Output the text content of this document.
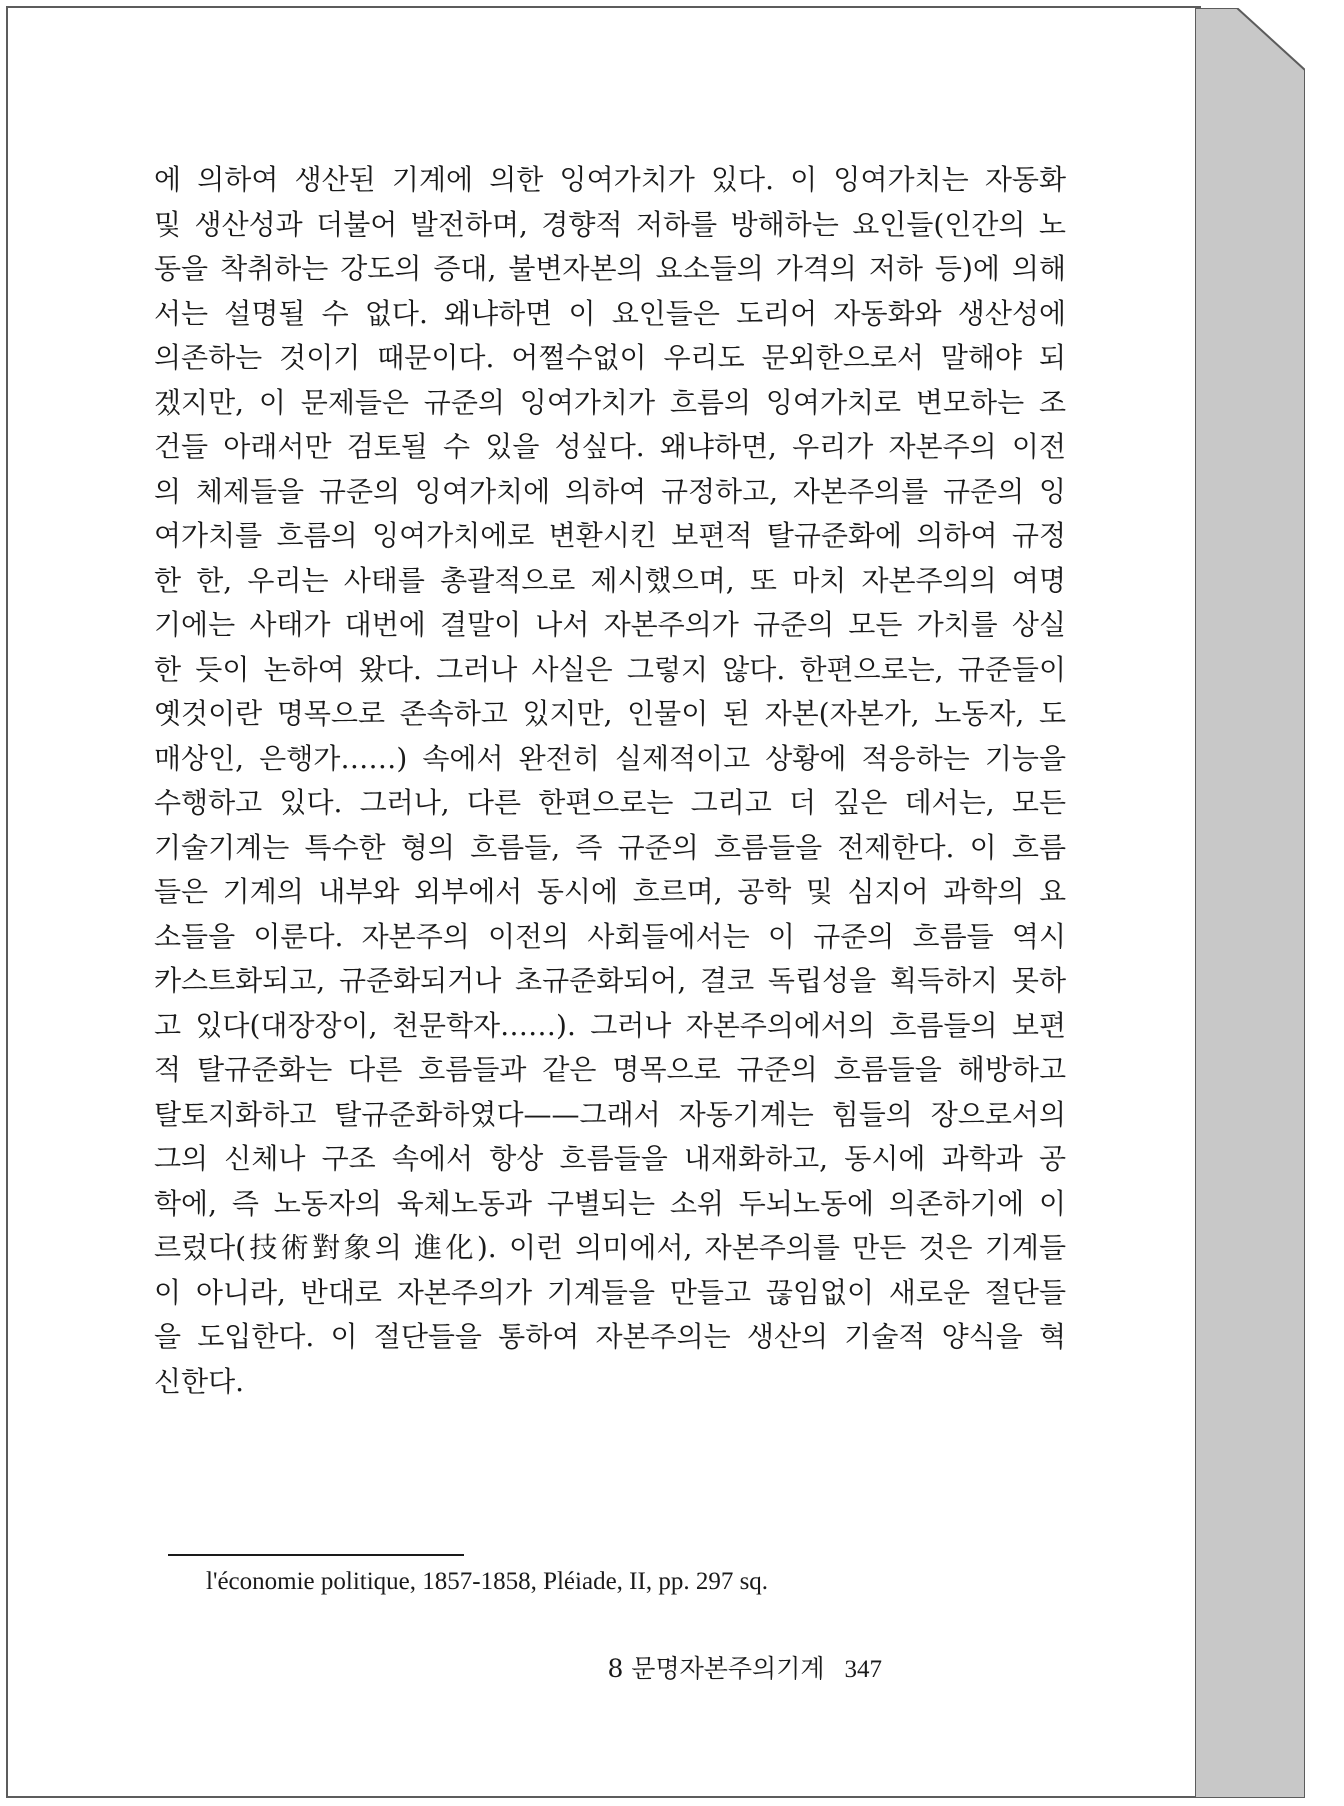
에 의하여 생산된 기계에 의한 잉여가치가 있다. 이 잉여가치는 자동화
및 생산성과 더불어 발전하며, 경향적 저하를 방해하는 요인들(인간의 노
동을 착취하는 강도의 증대, 불변자본의 요소들의 가격의 저하 등)에 의해
서는 설명될 수 없다. 왜냐하면 이 요인들은 도리어 자동화와 생산성에
의존하는 것이기 때문이다. 어쩔수없이 우리도 문외한으로서 말해야 되
겠지만, 이 문제들은 규준의 잉여가치가 흐름의 잉여가치로 변모하는 조
건들 아래서만 검토될 수 있을 성싶다. 왜냐하면, 우리가 자본주의 이전
의 체제들을 규준의 잉여가치에 의하여 규정하고, 자본주의를 규준의 잉
여가치를 흐름의 잉여가치에로 변환시킨 보편적 탈규준화에 의하여 규정
한 한, 우리는 사태를 총괄적으로 제시했으며, 또 마치 자본주의의 여명
기에는 사태가 대번에 결말이 나서 자본주의가 규준의 모든 가치를 상실
한 듯이 논하여 왔다. 그러나 사실은 그렇지 않다. 한편으로는, 규준들이
옛것이란 명목으로 존속하고 있지만, 인물이 된 자본(자본가, 노동자, 도
매상인, 은행가……) 속에서 완전히 실제적이고 상황에 적응하는 기능을
수행하고 있다. 그러나, 다른 한편으로는 그리고 더 깊은 데서는, 모든
기술기계는 특수한 형의 흐름들, 즉 규준의 흐름들을 전제한다. 이 흐름
들은 기계의 내부와 외부에서 동시에 흐르며, 공학 및 심지어 과학의 요
소들을 이룬다. 자본주의 이전의 사회들에서는 이 규준의 흐름들 역시
카스트화되고, 규준화되거나 초규준화되어, 결코 독립성을 획득하지 못하
고 있다(대장장이, 천문학자……). 그러나 자본주의에서의 흐름들의 보편
적 탈규준화는 다른 흐름들과 같은 명목으로 규준의 흐름들을 해방하고
탈토지화하고 탈규준화하였다——그래서 자동기계는 힘들의 장으로서의
그의 신체나 구조 속에서 항상 흐름들을 내재화하고, 동시에 과학과 공
학에, 즉 노동자의 육체노동과 구별되는 소위 두뇌노동에 의존하기에 이
르렀다(技術對象의 進化). 이런 의미에서, 자본주의를 만든 것은 기계들
이 아니라, 반대로 자본주의가 기계들을 만들고 끊임없이 새로운 절단들
을 도입한다. 이 절단들을 통하여 자본주의는 생산의 기술적 양식을 혁
신한다.
l'économie politique, 1857-1858, Pléiade, II, pp. 297 sq.
8 문명자본주의기계 347
